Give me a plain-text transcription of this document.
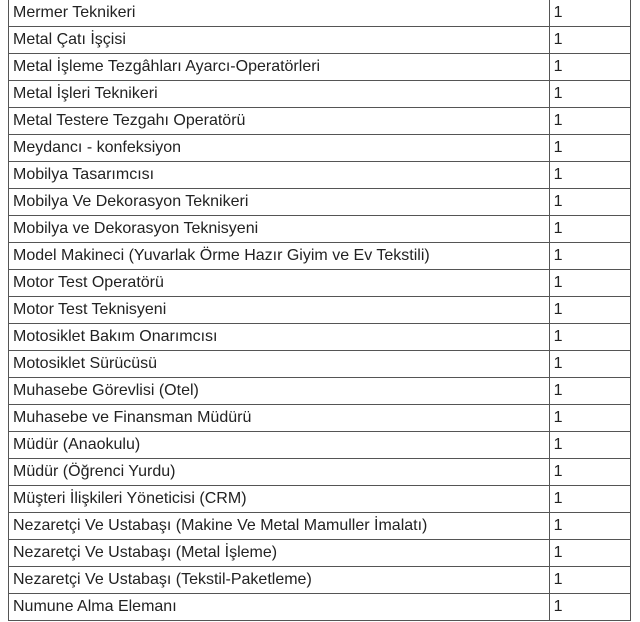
Mermer Teknikeri	1
Metal Çatı İşçisi	1
Metal İşleme Tezgâhları Ayarcı-Operatörleri	1
Metal İşleri Teknikeri	1
Metal Testere Tezgahı Operatörü	1
Meydancı - konfeksiyon	1
Mobilya Tasarımcısı	1
Mobilya Ve Dekorasyon Teknikeri	1
Mobilya ve Dekorasyon Teknisyeni	1
Model Makineci (Yuvarlak Örme Hazır Giyim ve Ev Tekstili)	1
Motor Test Operatörü	1
Motor Test Teknisyeni	1
Motosiklet Bakım Onarımcısı	1
Motosiklet Sürücüsü	1
Muhasebe Görevlisi (Otel)	1
Muhasebe ve Finansman Müdürü	1
Müdür (Anaokulu)	1
Müdür (Öğrenci Yurdu)	1
Müşteri İlişkileri Yöneticisi (CRM)	1
Nezaretçi Ve Ustabaşı (Makine Ve Metal Mamuller İmalatı)	1
Nezaretçi Ve Ustabaşı (Metal İşleme)	1
Nezaretçi Ve Ustabaşı (Tekstil-Paketleme)	1
Numune Alma Elemanı	1
